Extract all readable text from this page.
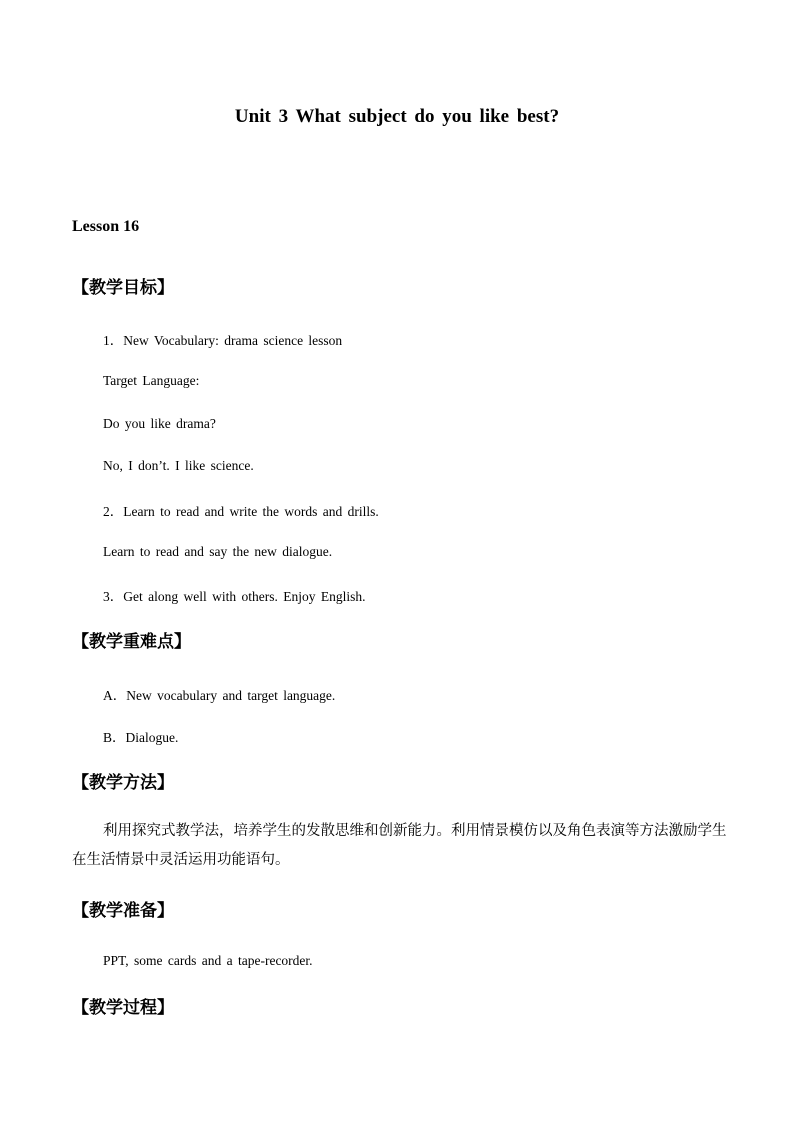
Unit 3 What subject do you like best?
Lesson 16
【教学目标】
1．New Vocabulary: drama science lesson
Target Language:
Do you like drama?
No, I don’t. I like science.
2．Learn to read and write the words and drills.
Learn to read and say the new dialogue.
3．Get along well with others. Enjoy English.
【教学重难点】
A．New vocabulary and target language.
B．Dialogue.
【教学方法】
利用探究式教学法，培养学生的发散思维和创新能力。利用情景模仿以及角色表演等方法激励学生在生活情景中灵活运用功能语句。
【教学准备】
PPT, some cards and a tape-recorder.
【教学过程】
